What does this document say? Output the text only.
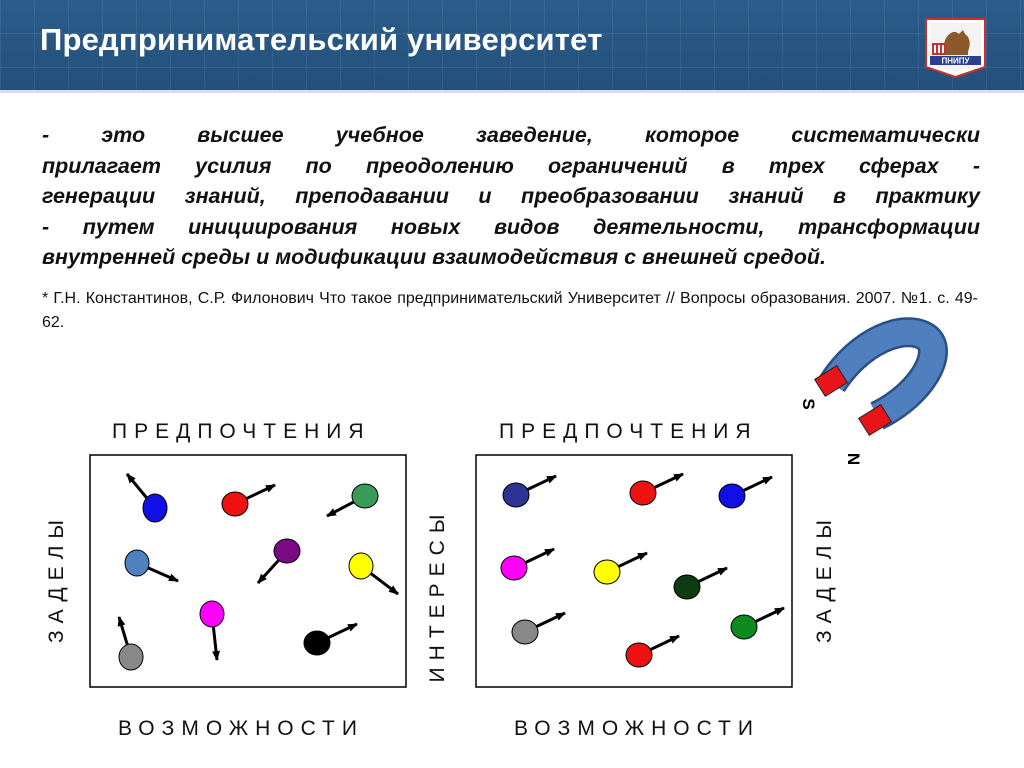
Предпринимательский университет
ПНИПУ
- это высшее учебное заведение, которое систематически
прилагает усилия по преодолению ограничений в трех сферах -
генерации знаний, преподавании и преобразовании знаний в практику
- путем инициирования новых видов деятельности, трансформации
внутренней среды и модификации взаимодействия с внешней средой.
* Г.Н. Константинов, С.Р. Филонович Что такое предпринимательский Университет // Вопросы образования. 2007. №1. с. 49-62.
ПРЕДПОЧТЕНИЯ
ВОЗМОЖНОСТИ
ЗАДЕЛЫ	ИНТЕРЕСЫ
ПРЕДПОЧТЕНИЯ
ВОЗМОЖНОСТИ
ЗАДЕЛЫ
S
N
